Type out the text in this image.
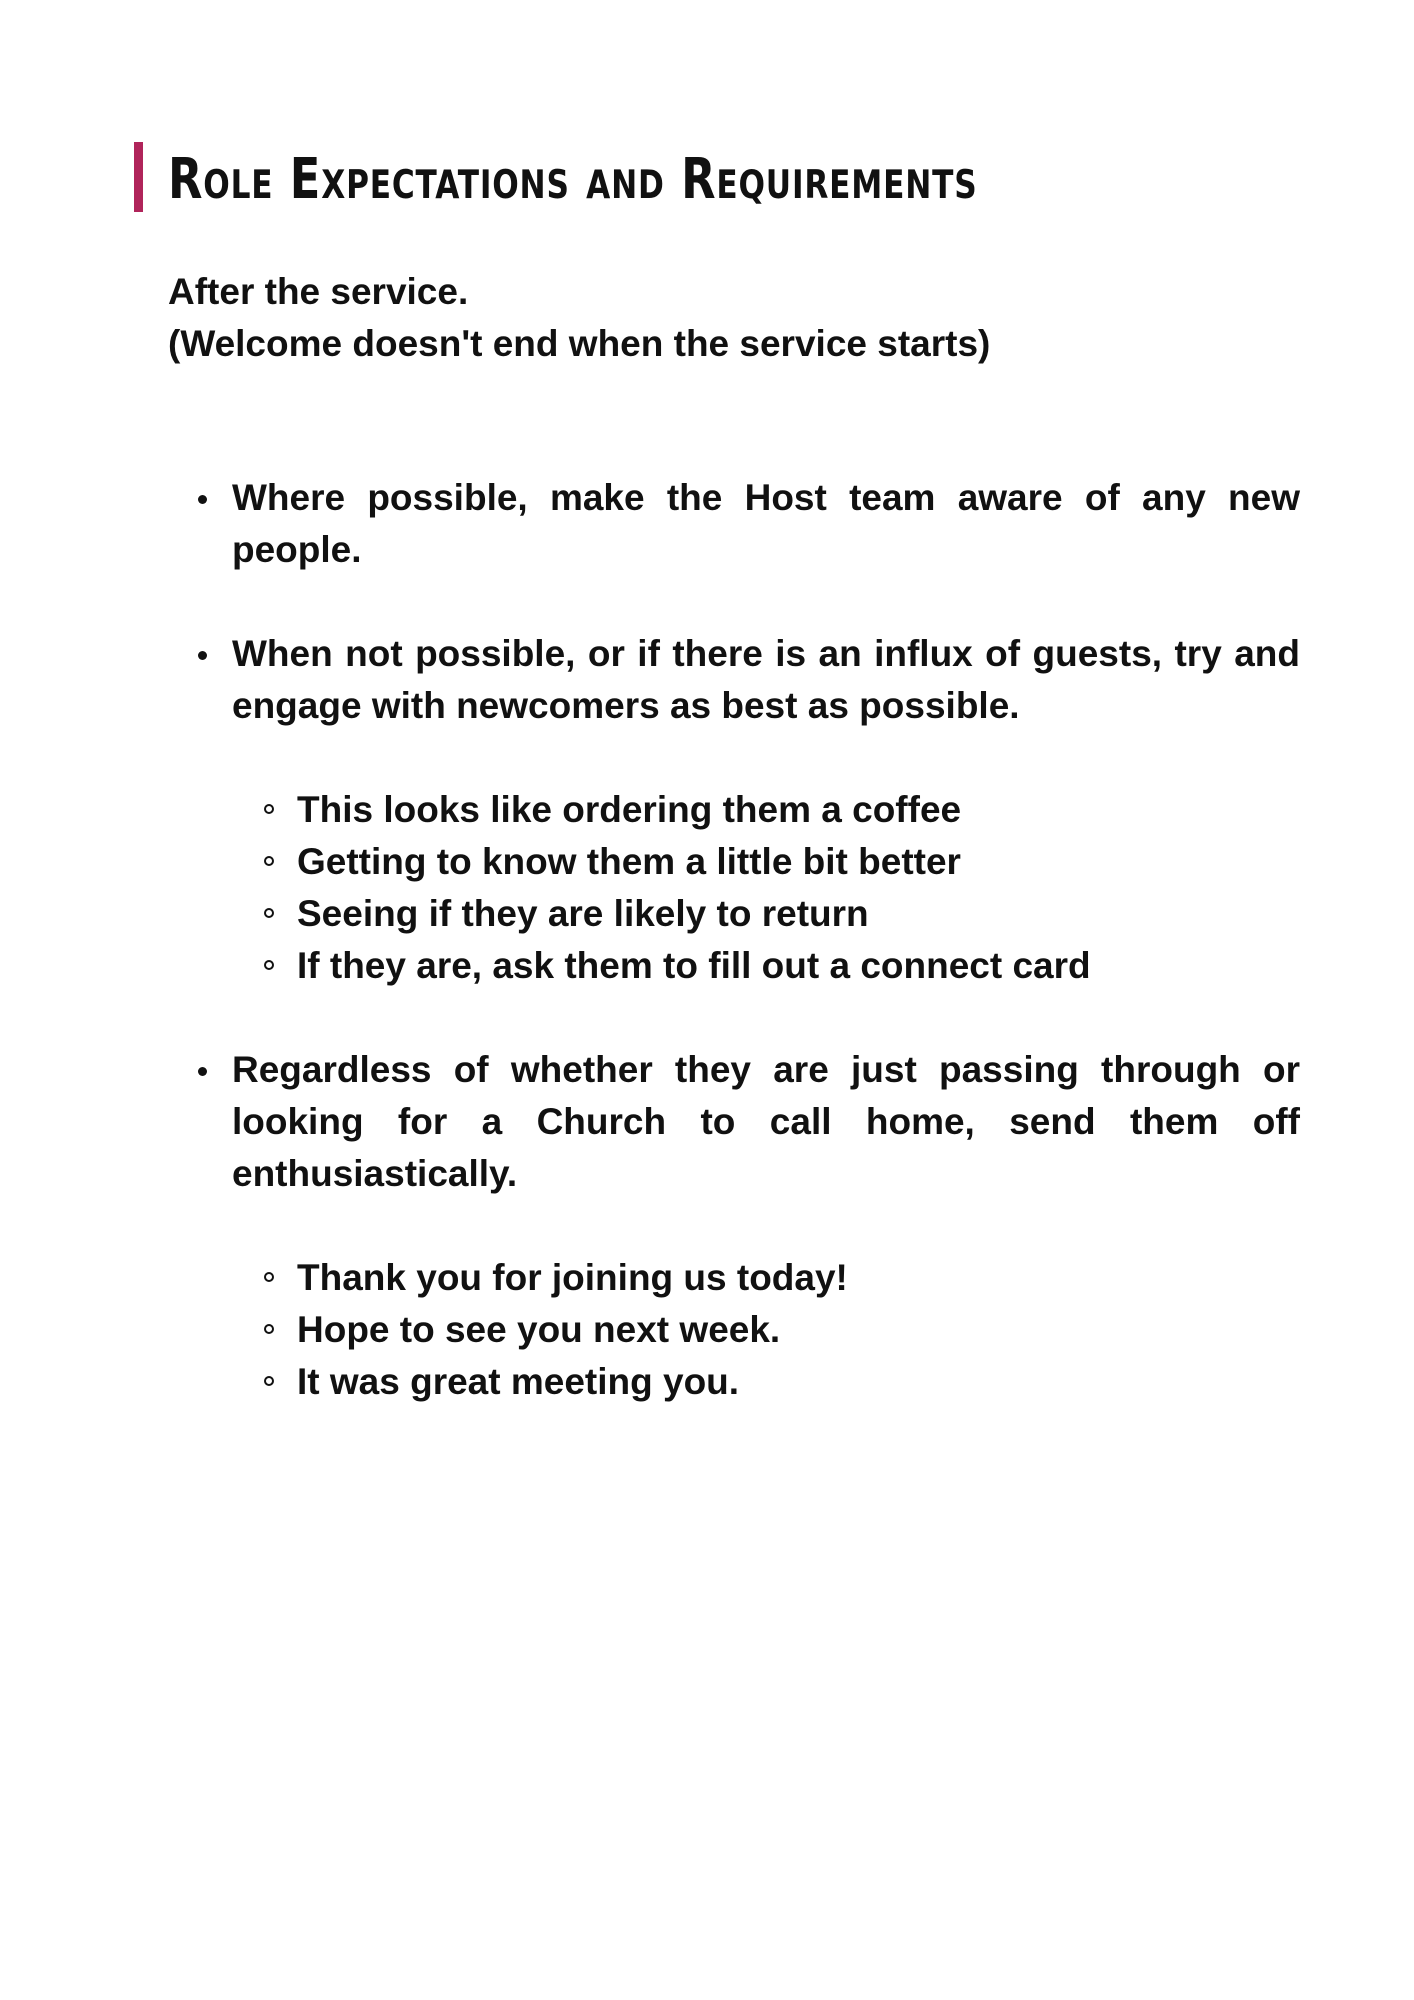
Role Expectations and Requirements
After the service.
(Welcome doesn't end when the service starts)
Where possible, make the Host team aware of any new people.
When not possible, or if there is an influx of guests, try and engage with newcomers as best as possible.
This looks like ordering them a coffee
Getting to know them a little bit better
Seeing if they are likely to return
If they are, ask them to fill out a connect card
Regardless of whether they are just passing through or looking for a Church to call home, send them off enthusiastically.
Thank you for joining us today!
Hope to see you next week.
It was great meeting you.
